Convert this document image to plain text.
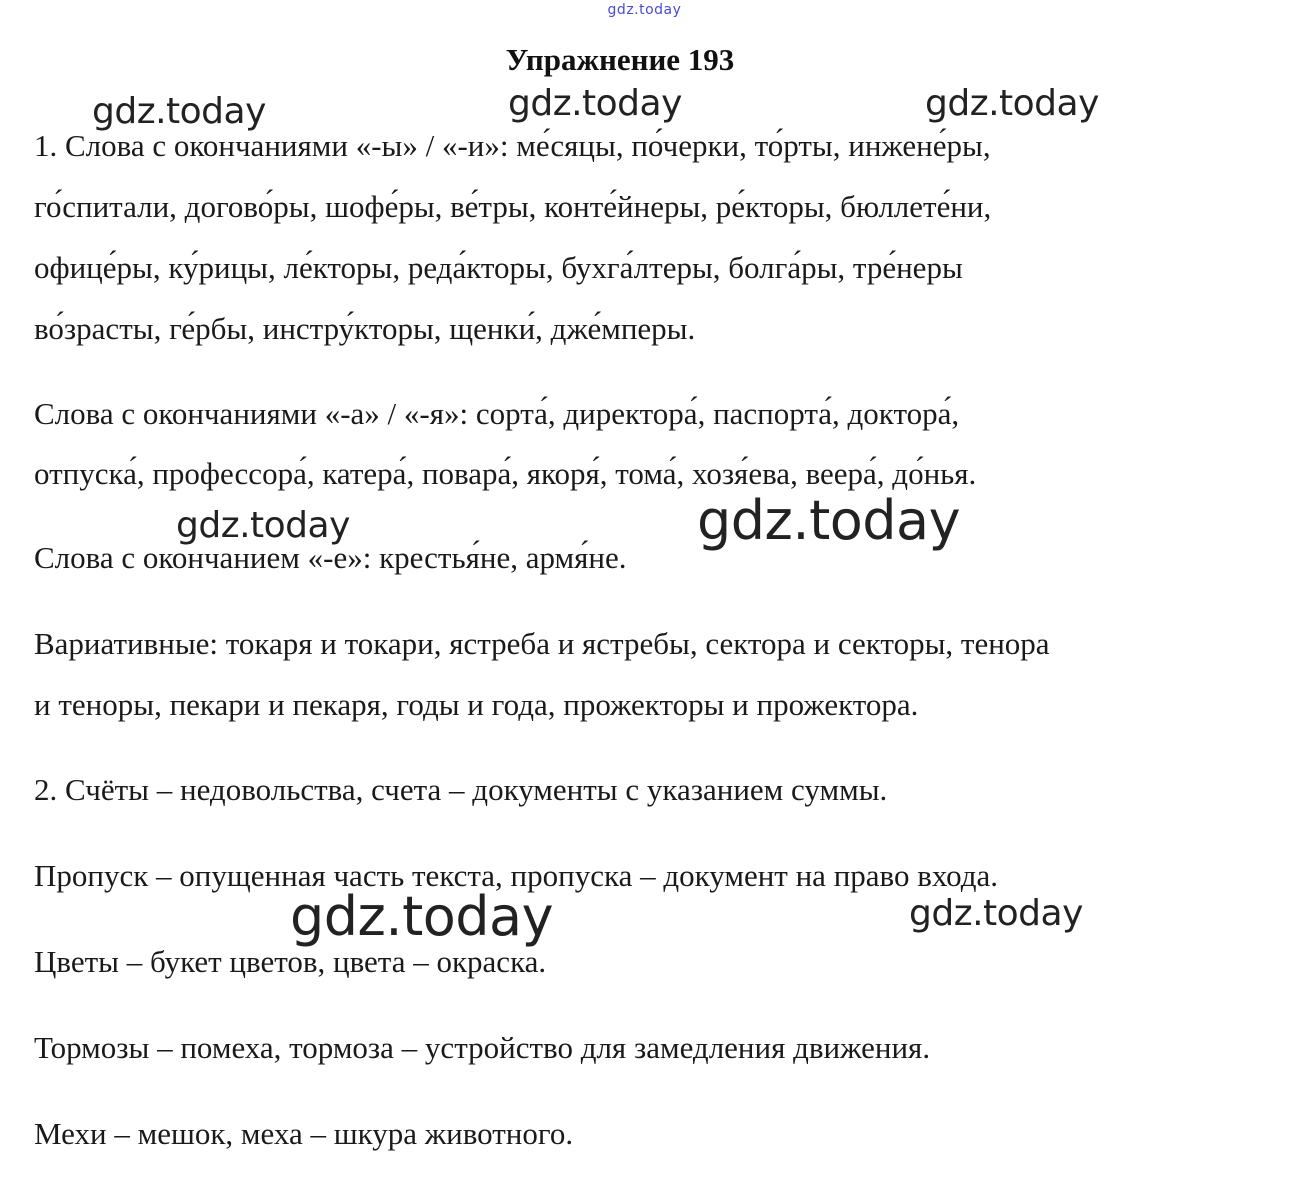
gdz.today
Упражнение 193
1. Слова с окончаниями «-ы» / «-и»: ме́сяцы, по́черки, то́рты, инжене́ры,
го́спитали, догово́ры, шофе́ры, ве́тры, конте́йнеры, ре́кторы, бюллете́ни,
офице́ры, ку́рицы, ле́кторы, реда́кторы, бухга́лтеры, болга́ры, тре́неры
во́зрасты, ге́рбы, инстру́кторы, щенки́, дже́мперы.
Слова с окончаниями «-а» / «-я»: сорта́, директора́, паспорта́, доктора́,
отпуска́, профессора́, катера́, повара́, якоря́, тома́, хозя́ева, веера́, до́нья.
Слова с окончанием «-е»: крестья́не, армя́не.
Вариативные: токаря и токари, ястреба и ястребы, сектора и секторы, тенора
и теноры, пекари и пекаря, годы и года, прожекторы и прожектора.
2. Счёты – недовольства, счета – документы с указанием суммы.
Пропуск – опущенная часть текста, пропуска – документ на право входа.
Цветы – букет цветов, цвета – окраска.
Тормозы – помеха, тормоза – устройство для замедления движения.
Мехи – мешок, меха – шкура животного.
gdz.today	gdz.today	gdz.today
gdz.today	gdz.today
gdz.today	gdz.today
